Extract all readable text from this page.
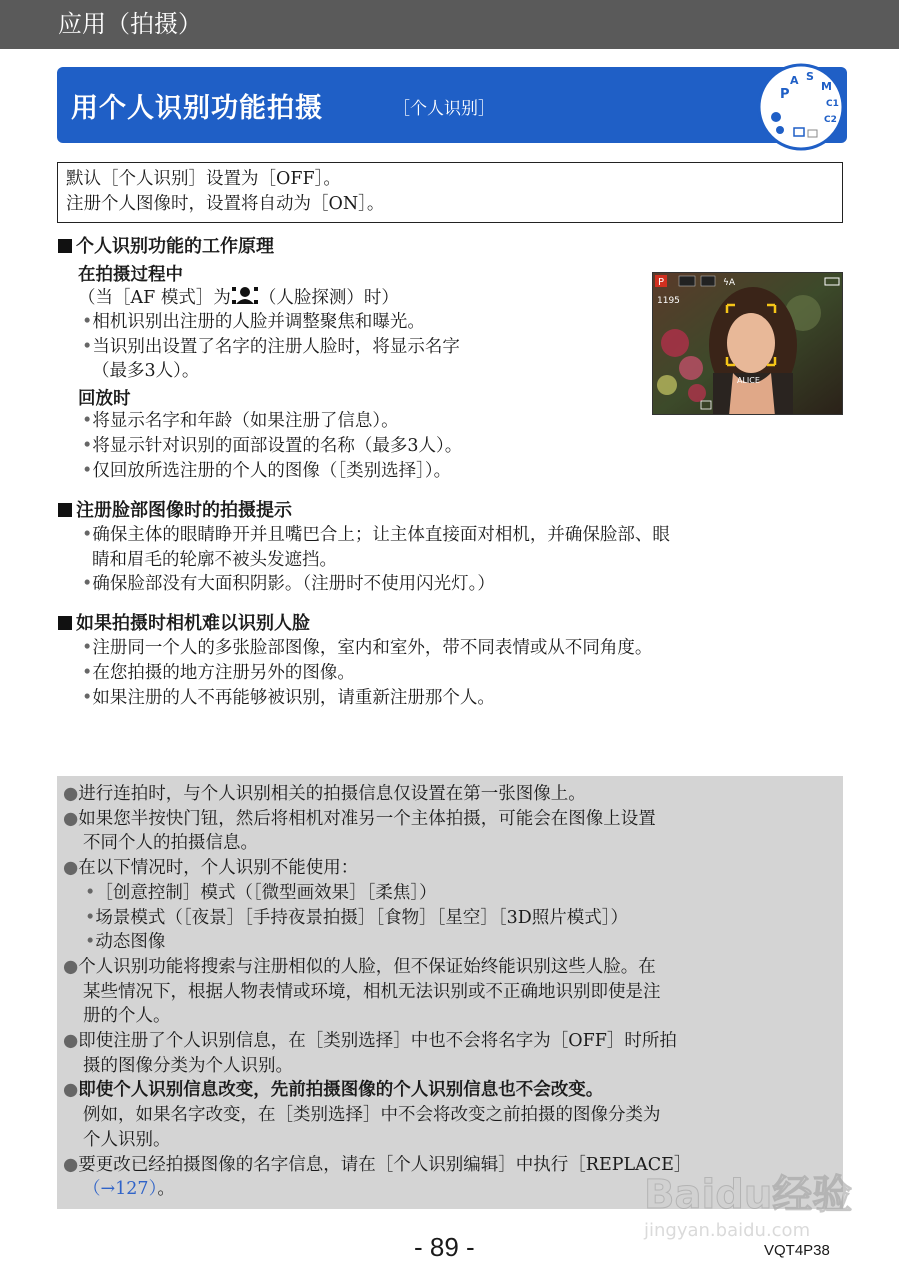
应用（拍摄）
用个人识别功能拍摄	［个人识别］
P
A S
M
C1
C2
默认［个人识别］设置为［OFF］。
注册个人图像时，设置将自动为［ON］。
个人识别功能的工作原理
在拍摄过程中
（当［AF 模式］为 （人脸探测）时）
•相机识别出注册的人脸并调整聚焦和曝光。
•当识别出设置了名字的注册人脸时，将显示名字
（最多3人）。
回放时
•将显示名字和年龄（如果注册了信息）。
•将显示针对识别的面部设置的名称（最多3人）。
•仅回放所选注册的个人的图像（［类别选择］）。
P	ϟA
1195
ALICE
注册脸部图像时的拍摄提示
•确保主体的眼睛睁开并且嘴巴合上；让主体直接面对相机，并确保脸部、眼
睛和眉毛的轮廓不被头发遮挡。
•确保脸部没有大面积阴影。（注册时不使用闪光灯。）
如果拍摄时相机难以识别人脸
•注册同一个人的多张脸部图像，室内和室外，带不同表情或从不同角度。
•在您拍摄的地方注册另外的图像。
•如果注册的人不再能够被识别，请重新注册那个人。
●进行连拍时，与个人识别相关的拍摄信息仅设置在第一张图像上。
●如果您半按快门钮，然后将相机对准另一个主体拍摄，可能会在图像上设置
不同个人的拍摄信息。
●在以下情况时，个人识别不能使用：
•［创意控制］模式（［微型画效果］［柔焦］）
•场景模式（［夜景］［手持夜景拍摄］［食物］［星空］［3D照片模式］）
•动态图像
●个人识别功能将搜索与注册相似的人脸，但不保证始终能识别这些人脸。在
某些情况下，根据人物表情或环境，相机无法识别或不正确地识别即使是注
册的个人。
●即使注册了个人识别信息，在［类别选择］中也不会将名字为［OFF］时所拍
摄的图像分类为个人识别。
●即使个人识别信息改变，先前拍摄图像的个人识别信息也不会改变。
例如，如果名字改变，在［类别选择］中不会将改变之前拍摄的图像分类为
个人识别。
●要更改已经拍摄图像的名字信息，请在［个人识别编辑］中执行［REPLACE］
（→127）。	Baidu经验
jingyan.baidu.com
- 89 -	VQT4P38
